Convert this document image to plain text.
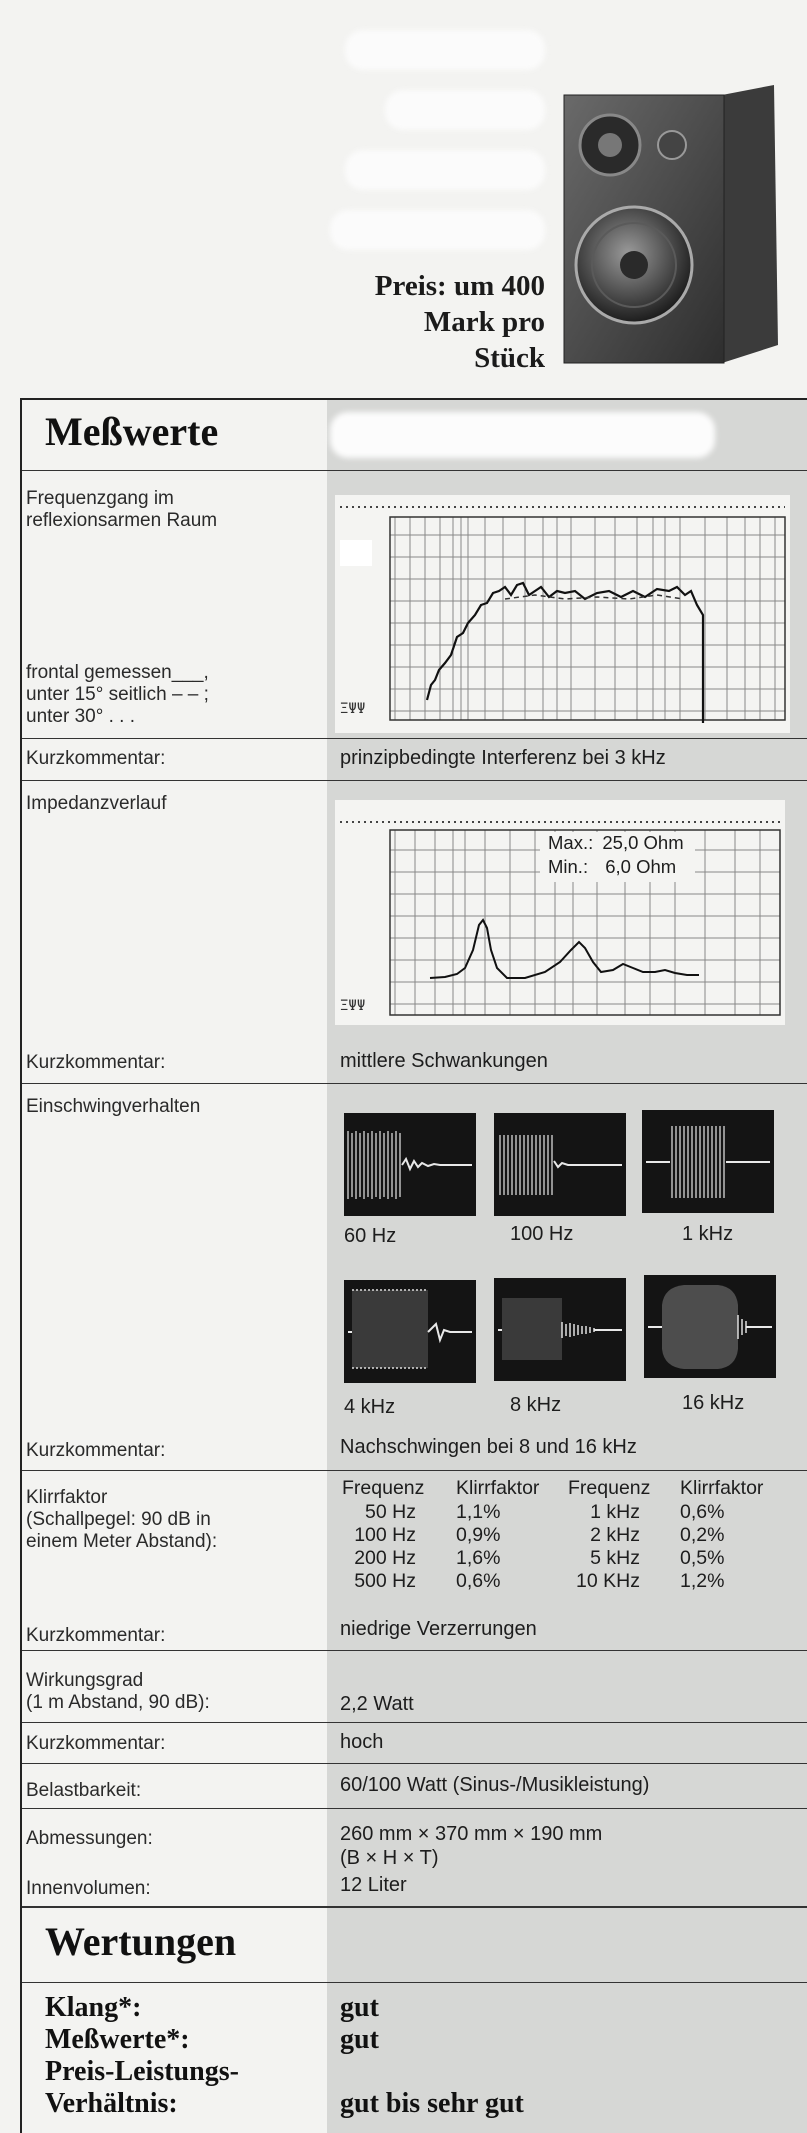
Preis: um 400
Mark pro
Stück
Meßwerte
Frequenzgang im
reflexionsarmen Raum
ΞΨΨ
frontal gemessen___,
unter 15° seitlich – – ;
unter 30° . . .
Kurzkommentar:	prinzipbedingte Interferenz bei 3 kHz
Impedanzverlauf
ΞΨΨ
Max.: 25,0 Ohm
Min.: 6,0 Ohm
Kurzkommentar:	mittlere Schwankungen
Einschwingverhalten
60 Hz	100 Hz	1 kHz
4 kHz	8 kHz	16 kHz
Kurzkommentar:	Nachschwingen bei 8 und 16 kHz
Klirrfaktor
(Schallpegel: 90 dB in
einem Meter Abstand):
Frequenz Klirrfaktor Frequenz Klirrfaktor
50 Hz 1,1%	1 kHz 0,6%
100 Hz 0,9%	2 kHz 0,2%
200 Hz 1,6%	5 kHz 0,5%
500 Hz 0,6%	10 KHz 1,2%
Kurzkommentar:	niedrige Verzerrungen
Wirkungsgrad
(1 m Abstand, 90 dB):	2,2 Watt
Kurzkommentar:	hoch
Belastbarkeit:	60/100 Watt (Sinus-/Musikleistung)
Abmessungen:	260 mm × 370 mm × 190 mm
(B × H × T)
Innenvolumen:	12 Liter
Wertungen
Klang*:	gut
Meßwerte*:	gut
Preis-Leistungs-
Verhältnis:	gut bis sehr gut
